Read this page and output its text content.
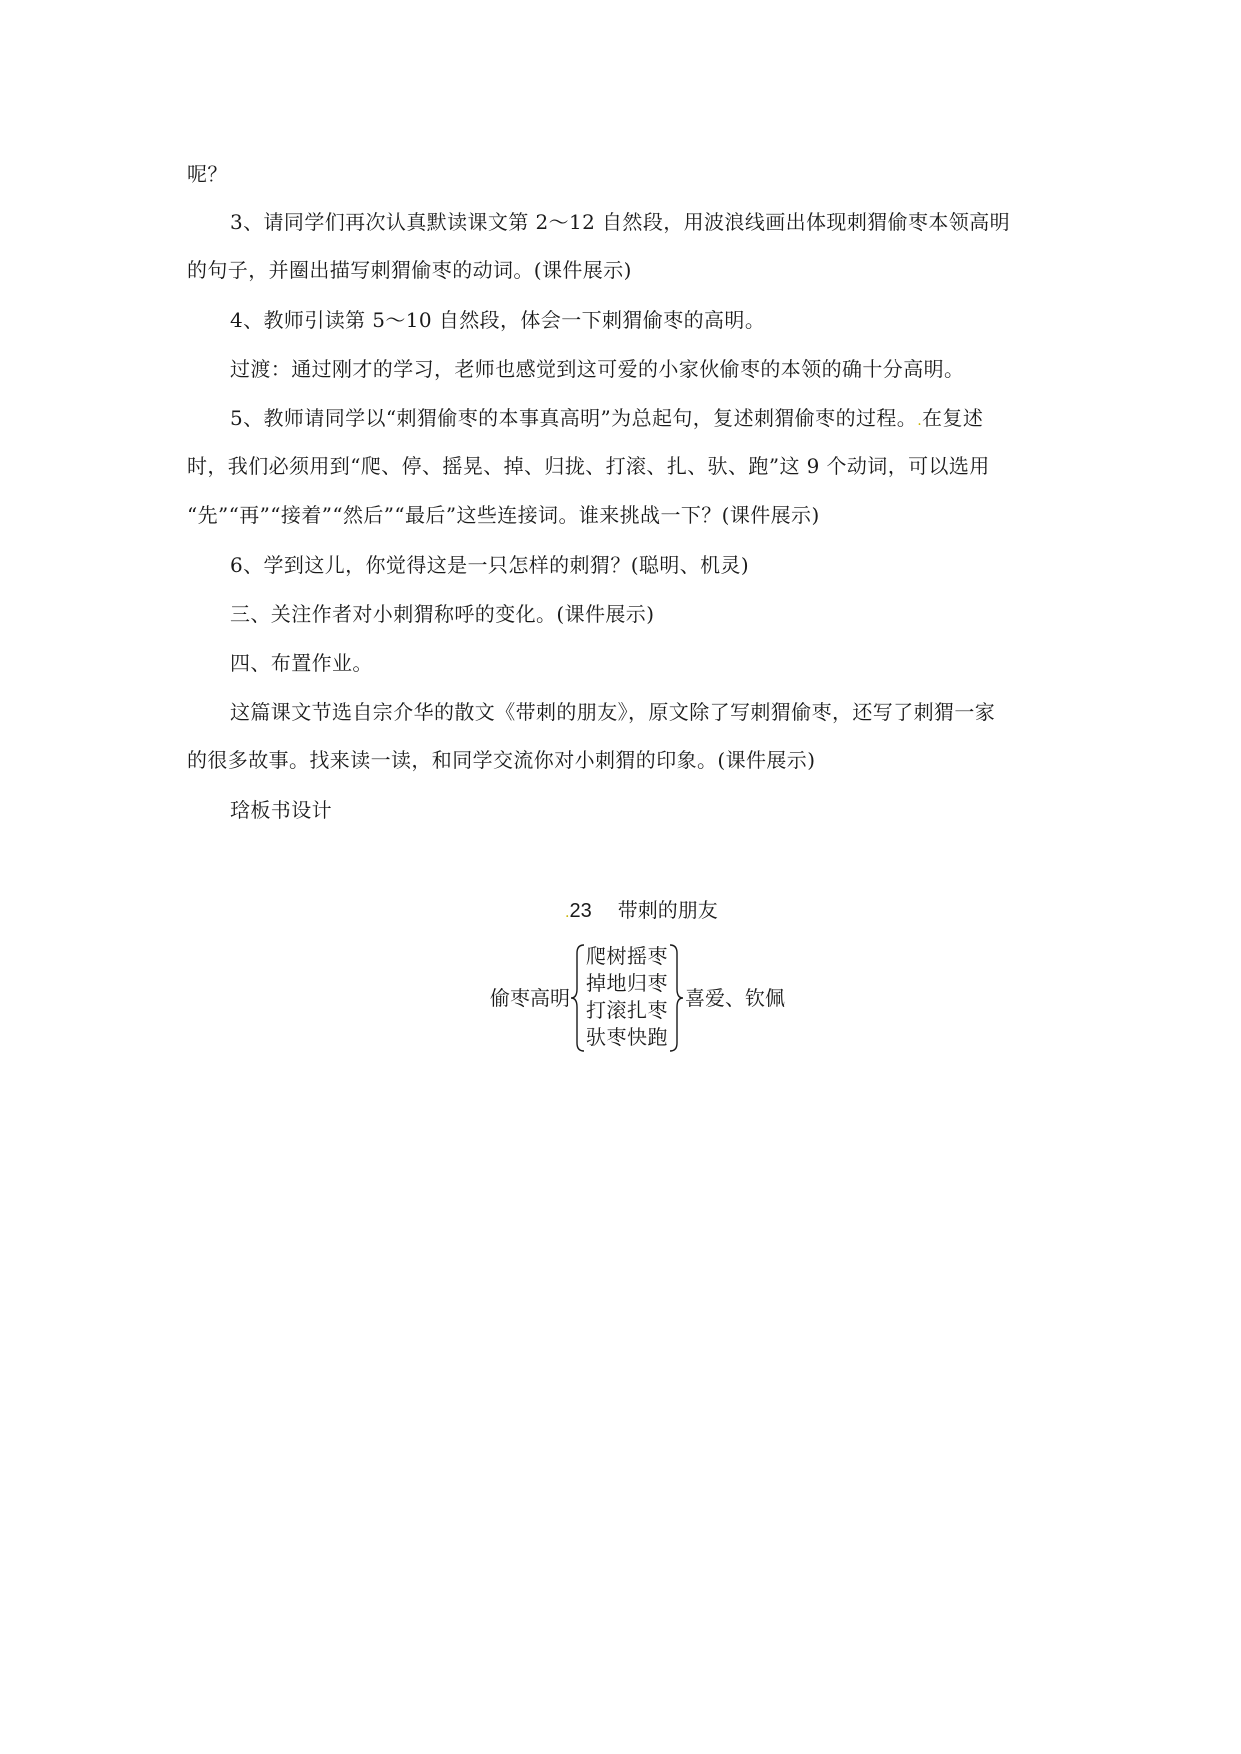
呢？
3、请同学们再次认真默读课文第 2～12 自然段，用波浪线画出体现刺猬偷枣本领高明
的句子，并圈出描写刺猬偷枣的动词。(课件展示)
4、教师引读第 5～10 自然段，体会一下刺猬偷枣的高明。
过渡：通过刚才的学习，老师也感觉到这可爱的小家伙偷枣的本领的确十分高明。
5、教师请同学以“刺猬偷枣的本事真高明”为总起句，复述刺猬偷枣的过程。.在复述
时，我们必须用到“爬、停、摇晃、掉、归拢、打滚、扎、驮、跑”这 9 个动词，可以选用
“先”“再”“接着”“然后”“最后”这些连接词。谁来挑战一下？(课件展示)
6、学到这儿，你觉得这是一只怎样的刺猬？(聪明、机灵)
三、关注作者对小刺猬称呼的变化。(课件展示)
四、布置作业。
这篇课文节选自宗介华的散文《带刺的朋友》，原文除了写刺猬偷枣，还写了刺猬一家
的很多故事。找来读一读，和同学交流你对小刺猬的印象。(课件展示)
琀板书设计
.23 带刺的朋友
偷枣高明
爬树摇枣
掉地归枣
打滚扎枣
驮枣快跑
喜爱、钦佩
